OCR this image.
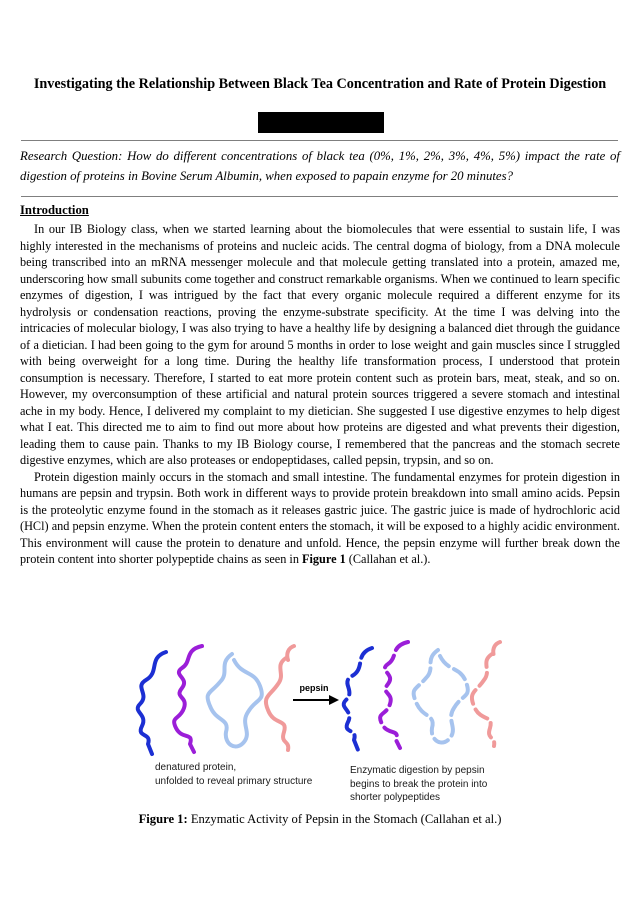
Investigating the Relationship Between Black Tea Concentration and Rate of Protein Digestion
Research Question: How do different concentrations of black tea (0%, 1%, 2%, 3%, 4%, 5%) impact the rate of digestion of proteins in Bovine Serum Albumin, when exposed to papain enzyme for 20 minutes?
Introduction

In our IB Biology class, when we started learning about the biomolecules that were essential to sustain life, I was highly interested in the mechanisms of proteins and nucleic acids. The central dogma of biology, from a DNA molecule being transcribed into an mRNA messenger molecule and that molecule getting translated into a protein, amazed me, underscoring how small subunits come together and construct remarkable organisms. When we continued to learn specific enzymes of digestion, I was intrigued by the fact that every organic molecule required a different enzyme for its hydrolysis or condensation reactions, proving the enzyme-substrate specificity. At the time I was delving into the intricacies of molecular biology, I was also trying to have a healthy life by designing a balanced diet through the guidance of a dietician. I had been going to the gym for around 5 months in order to lose weight and gain muscles since I struggled with being overweight for a long time. During the healthy life transformation process, I understood that protein consumption is necessary. Therefore, I started to eat more protein content such as protein bars, meat, steak, and so on. However, my overconsumption of these artificial and natural protein sources triggered a severe stomach and intestinal ache in my body. Hence, I delivered my complaint to my dietician. She suggested I use digestive enzymes to help digest what I eat. This directed me to aim to find out more about how proteins are digested and what prevents their digestion, leading them to cause pain. Thanks to my IB Biology course, I remembered that the pancreas and the stomach secrete digestive enzymes, which are also proteases or endopeptidases, called pepsin, trypsin, and so on.

Protein digestion mainly occurs in the stomach and small intestine. The fundamental enzymes for protein digestion in humans are pepsin and trypsin. Both work in different ways to provide protein breakdown into small amino acids. Pepsin is the proteolytic enzyme found in the stomach as it releases gastric juice. The gastric juice is made of hydrochloric acid (HCl) and pepsin enzyme. When the protein content enters the stomach, it will be exposed to a highly acidic environment. This environment will cause the protein to denature and unfold. Hence, the pepsin enzyme will further break down the protein content into shorter polypeptide chains as seen in Figure 1 (Callahan et al.).

pepsin
denatured protein,
unfolded to reveal primary structure
Enzymatic digestion by pepsin
begins to break the protein into
shorter polypeptides
Figure 1: Enzymatic Activity of Pepsin in the Stomach (Callahan et al.)
